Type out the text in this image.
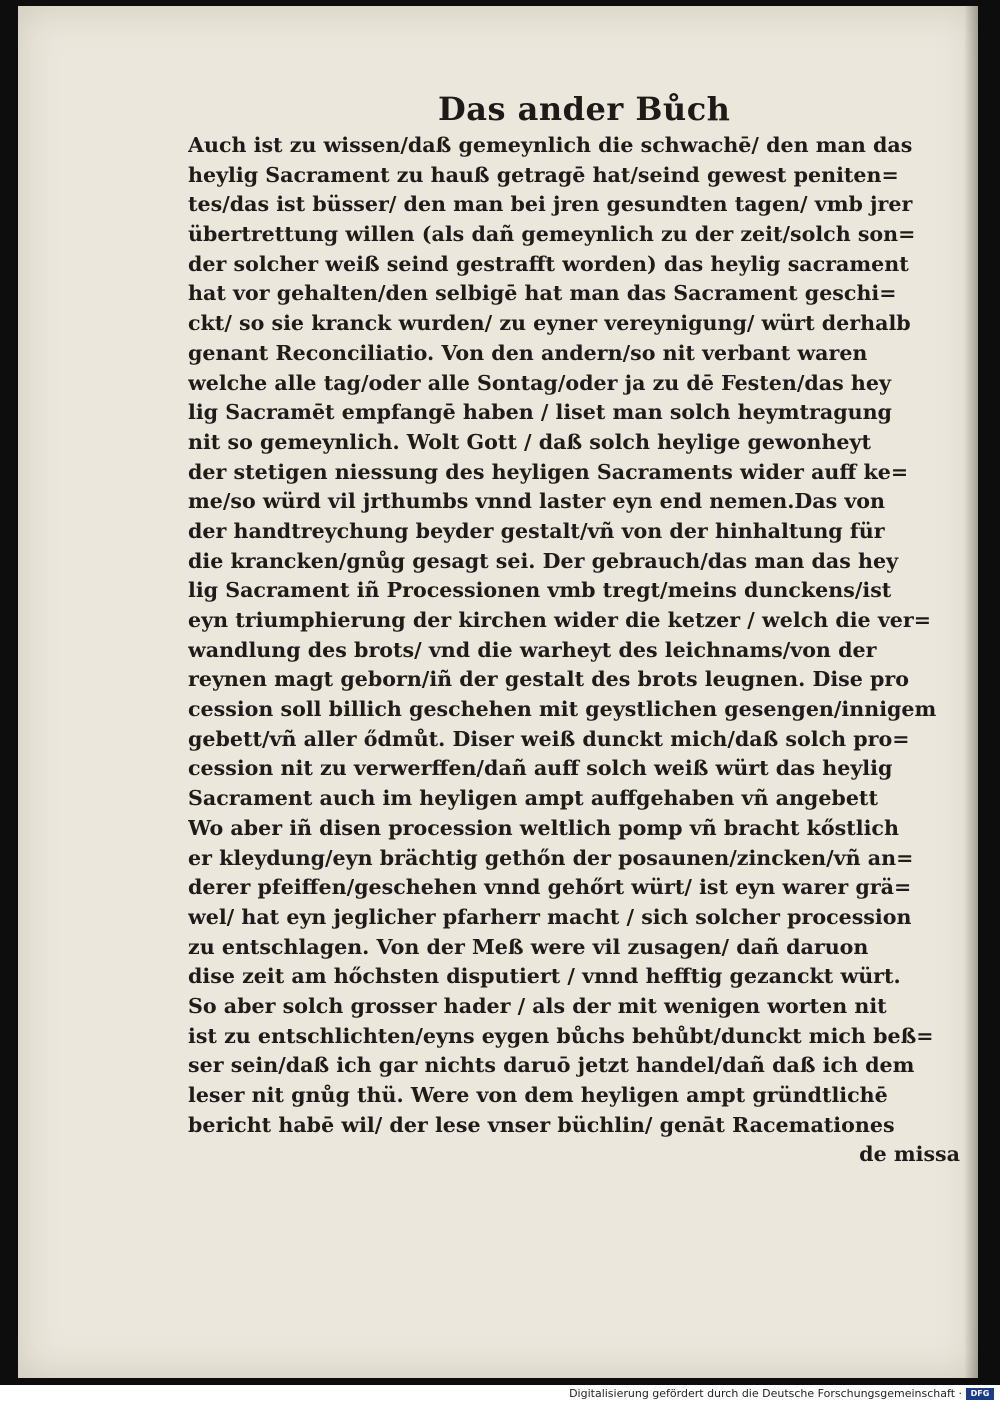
Das ander Bůch
Auch ist zu wissen/daß gemeynlich die schwachē/ den man das
heylig Sacrament zu hauß getragē hat/seind gewest peniten=
tes/das ist büsser/ den man bei jren gesundten tagen/ vmb jrer
übertrettung willen (als dañ gemeynlich zu der zeit/solch son=
der solcher weiß seind gestrafft worden) das heylig sacrament
hat vor gehalten/den selbigē hat man das Sacrament geschi=
ckt/ so sie kranck wurden/ zu eyner vereynigung/ würt derhalb
genant Reconciliatio. Von den andern/so nit verbant waren
welche alle tag/oder alle Sontag/oder ja zu dē Festen/das hey
lig Sacramēt empfangē haben / liset man solch heymtragung
nit so gemeynlich. Wolt Gott / daß solch heylige gewonheyt
der stetigen niessung des heyligen Sacraments wider auff ke=
me/so würd vil jrthumbs vnnd laster eyn end nemen.Das von
der handtreychung beyder gestalt/vñ von der hinhaltung für
die krancken/gnůg gesagt sei. Der gebrauch/das man das hey
lig Sacrament iñ Processionen vmb tregt/meins dunckens/ist
eyn triumphierung der kirchen wider die ketzer / welch die ver=
wandlung des brots/ vnd die warheyt des leichnams/von der
reynen magt geborn/iñ der gestalt des brots leugnen. Dise pro
cession soll billich geschehen mit geystlichen gesengen/innigem
gebett/vñ aller ődmůt. Diser weiß dunckt mich/daß solch pro=
cession nit zu verwerffen/dañ auff solch weiß würt das heylig
Sacrament auch im heyligen ampt auffgehaben vñ angebett
Wo aber iñ disen procession weltlich pomp vñ bracht kőstlich
er kleydung/eyn brächtig gethőn der posaunen/zincken/vñ an=
derer pfeiffen/geschehen vnnd gehőrt würt/ ist eyn warer grä=
wel/ hat eyn jeglicher pfarherr macht / sich solcher procession
zu entschlagen. Von der Meß were vil zusagen/ dañ daruon
dise zeit am hőchsten disputiert / vnnd hefftig gezanckt würt.
So aber solch grosser hader / als der mit wenigen worten nit
ist zu entschlichten/eyns eygen bůchs behůbt/dunckt mich beß=
ser sein/daß ich gar nichts daruō jetzt handel/dañ daß ich dem
leser nit gnůg thü. Were von dem heyligen ampt gründtlichē
bericht habē wil/ der lese vnser büchlin/ genāt Racemationes
de missa
Digitalisierung gefördert durch die Deutsche Forschungsgemeinschaft ·	DFG
